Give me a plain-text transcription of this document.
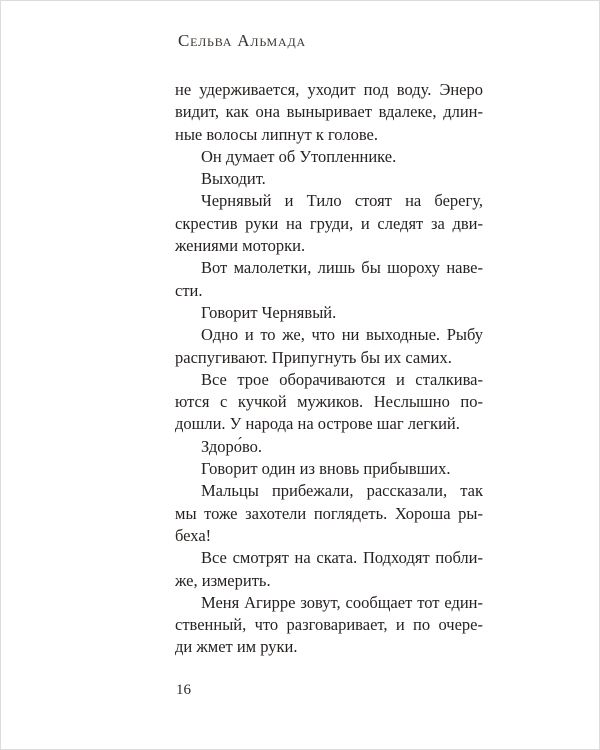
Сельва Альмада
не удерживается, уходит под воду. Энеро
видит, как она выныривает вдалеке, длин-
ные волосы липнут к голове.
Он думает об Утопленнике.
Выходит.
Чернявый и Тило стоят на берегу,
скрестив руки на груди, и следят за дви-
жениями моторки.
Вот малолетки, лишь бы шороху наве-
сти.
Говорит Чернявый.
Одно и то же, что ни выходные. Рыбу
распугивают. Припугнуть бы их самих.
Все трое оборачиваются и сталкива-
ются с кучкой мужиков. Неслышно по-
дошли. У народа на острове шаг легкий.
Здоро́во.
Говорит один из вновь прибывших.
Мальцы прибежали, рассказали, так
мы тоже захотели поглядеть. Хороша ры-
беха!
Все смотрят на ската. Подходят побли-
же, измерить.
Меня Агирре зовут, сообщает тот един-
ственный, что разговаривает, и по очере-
ди жмет им руки.
16
